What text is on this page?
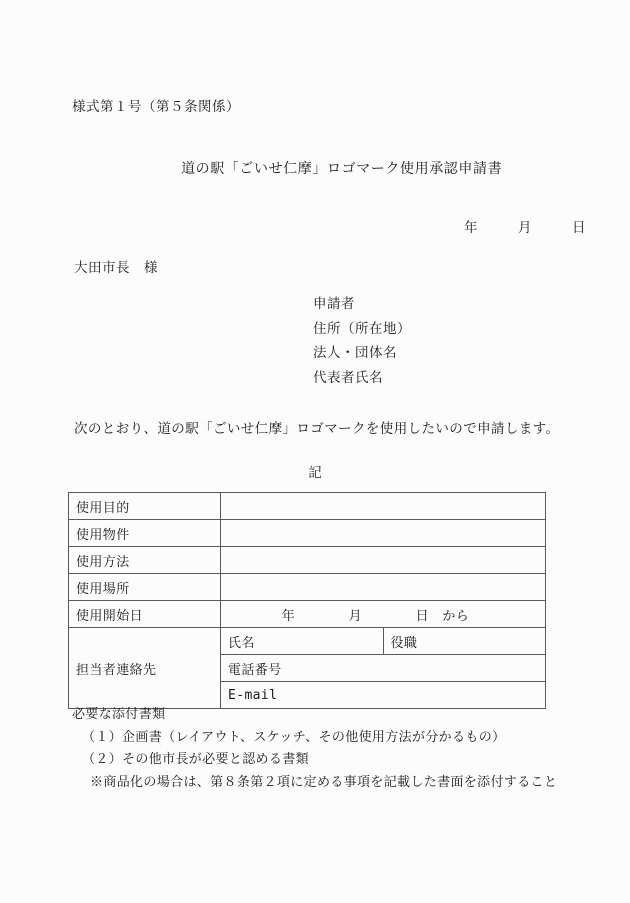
様式第１号（第５条関係）
道の駅「ごいせ仁摩」ロゴマーク使用承認申請書
年　　　月　　　日
大田市長　様
申請者
住所（所在地）
法人・団体名
代表者氏名
次のとおり、道の駅「ごいせ仁摩」ロゴマークを使用したいので申請します。
記
使用目的		
使用物件		
使用方法		
使用場所		
使用開始日	　　　　年　　　　月　　　　日　から	
担当者連絡先	氏名	役職
	電話番号	
	E-mail	
必要な添付書類
（１）企画書（レイアウト、スケッチ、その他使用方法が分かるもの）
（２）その他市長が必要と認める書類
※商品化の場合は、第８条第２項に定める事項を記載した書面を添付すること
